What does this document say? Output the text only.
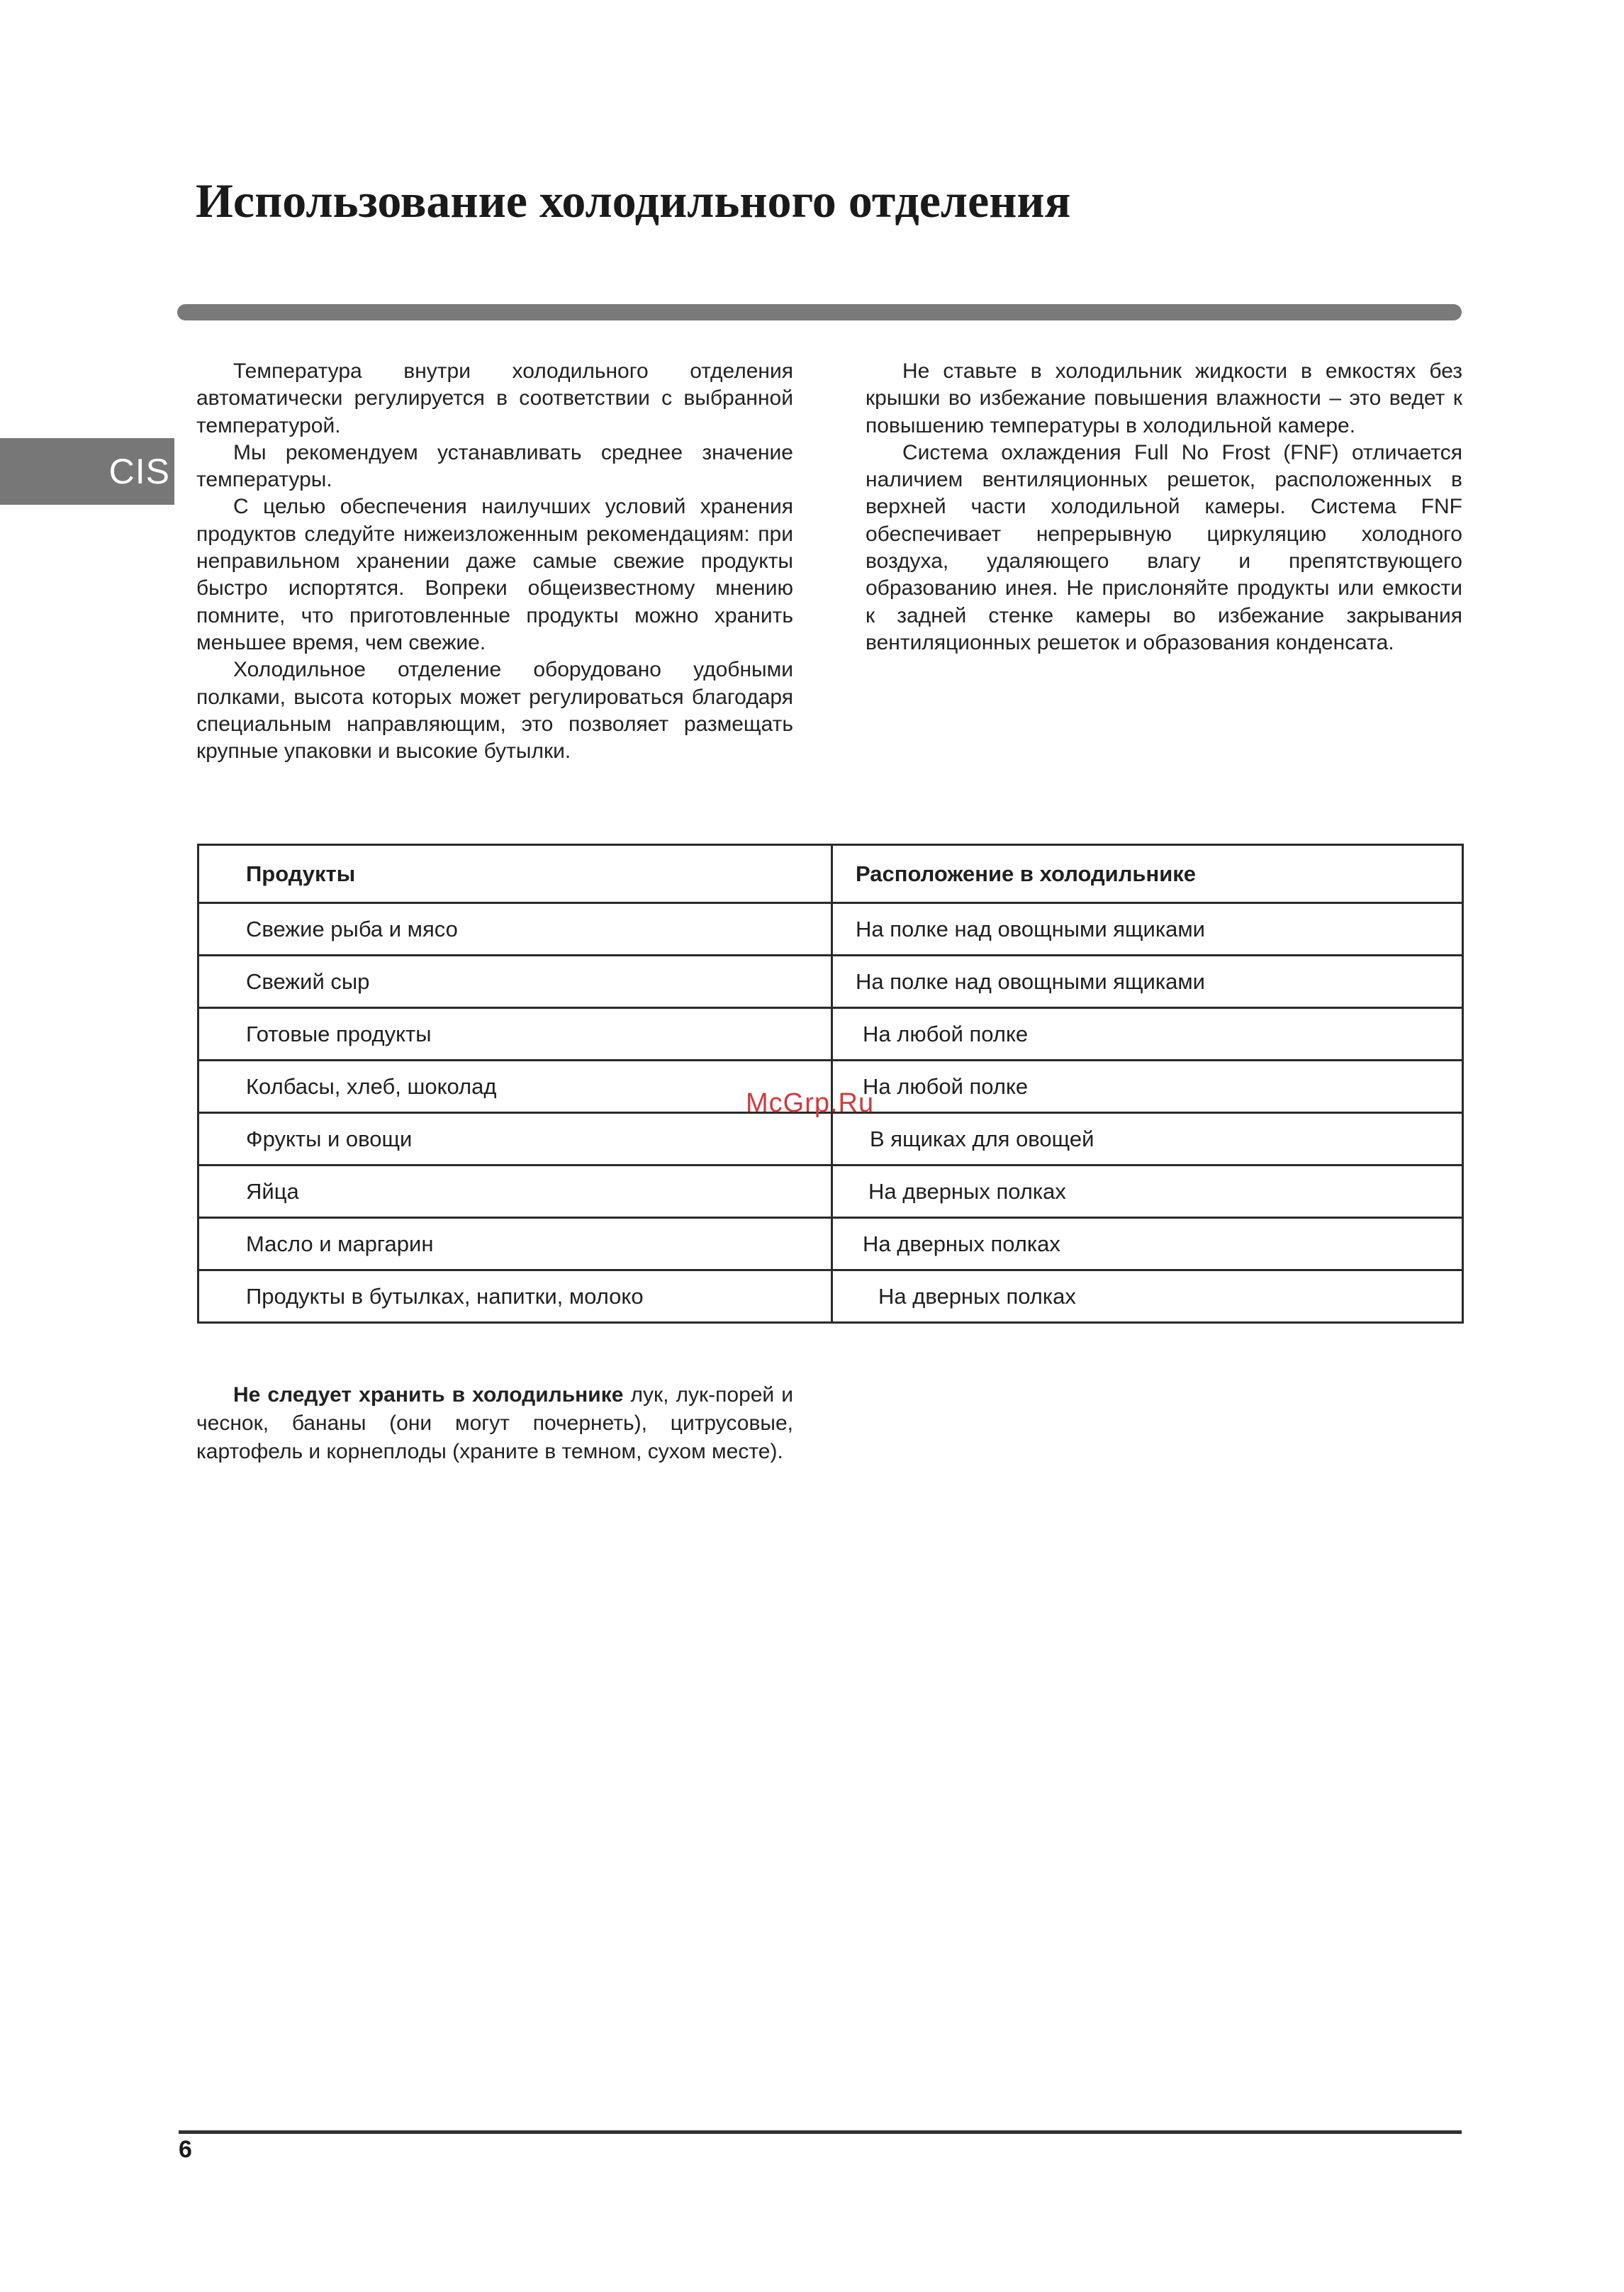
Использование холодильного отделения
CIS

Температура внутри холодильного отделения автоматически регулируется в соответствии с выбранной температурой.

Мы рекомендуем устанавливать среднее значение температуры.

С целью обеспечения наилучших условий хранения продуктов следуйте нижеизложенным рекомендациям: при неправильном хранении даже самые свежие продукты быстро испортятся. Вопреки общеизвестному мнению помните, что приготовленные продукты можно хранить меньшее время, чем свежие.

Холодильное отделение оборудовано удобными полками, высота которых может регулироваться благодаря специальным направляющим, это позволяет размещать крупные упаковки и высокие бутылки.

Не ставьте в холодильник жидкости в емкостях без крышки во избежание повышения влажности – это ведет к повышению температуры в холодильной камере.

Система охлаждения Full No Frost (FNF) отличается наличием вентиляционных решеток, расположенных в верхней части холодильной камеры. Система FNF обеспечивает непрерывную циркуляцию холодного воздуха, удаляющего влагу и препятствующего образованию инея. Не прислоняйте продукты или емкости к задней стенке камеры во избежание закрывания вентиляционных решеток и образования конденсата.

Продукты	Расположение в холодильнике
Свежие рыба и мясо	На полке над овощными ящиками
Свежий сыр	На полке над овощными ящиками
Готовые продукты	На любой полке
Колбасы, хлеб, шоколад	На любой полке
Фрукты и овощи	В ящиках для овощей
Яйца	На дверных полках
Масло и маргарин	На дверных полках
Продукты в бутылках, напитки, молоко	На дверных полках

Не следует хранить в холодильнике лук, лук-порей и чеснок, бананы (они могут почернеть), цитрусовые, картофель и корнеплоды (храните в темном, сухом месте).

McGrp.Ru
6
